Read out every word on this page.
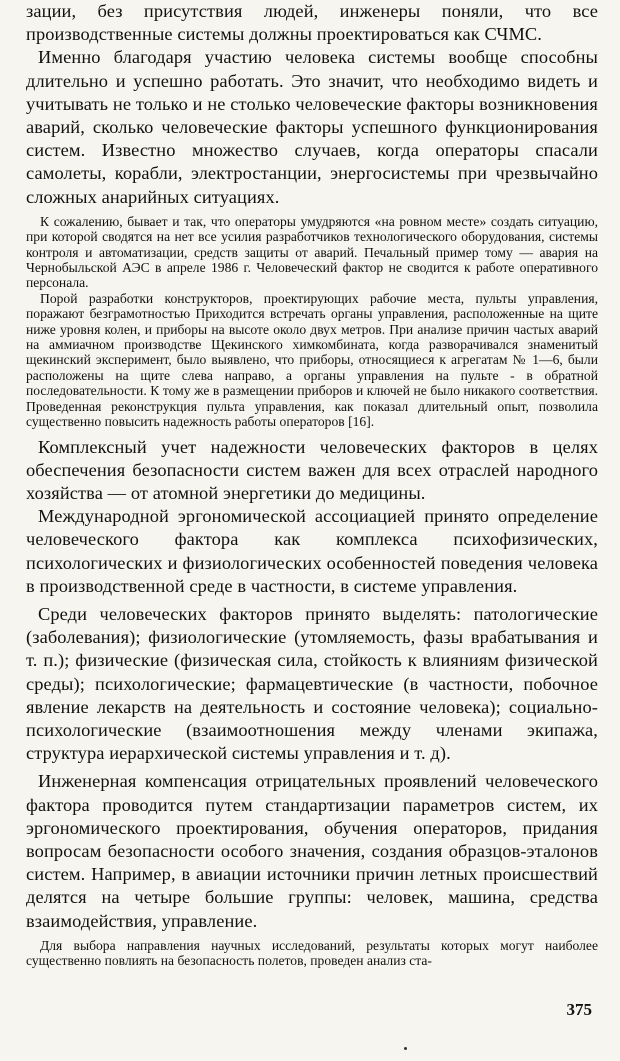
зации, без присутствия людей, инженеры поняли, что все производственные системы должны проектироваться как СЧМС.

Именно благодаря участию человека системы вообще способны длительно и успешно работать. Это значит, что необходимо видеть и учитывать не только и не столько человеческие факторы возникновения аварий, сколько человеческие факторы успешного функционирования систем. Известно множество случаев, когда операторы спасали самолеты, корабли, электростанции, энергосистемы при чрезвычайно сложных анарийных ситуациях.

К сожалению, бывает и так, что операторы умудряются «на ровном месте» создать ситуацию, при которой сводятся на нет все усилия разработчиков технологического оборудования, системы контроля и автоматизации, средств защиты от аварий. Печальный пример тому — авария на Чернобыльской АЭС в апреле 1986 г. Человеческий фактор не сводится к работе оперативного персонала.

Порой разработки конструкторов, проектирующих рабочие места, пульты управления, поражают безграмотностью Приходится встречать органы управления, расположенные на щите ниже уровня колен, и приборы на высоте около двух метров. При анализе причин частых аварий на аммиачном производстве Щекинского химкомбината, когда разворачивался знаменитый щекинский эксперимент, было выявлено, что приборы, относящиеся к агрегатам № 1—6, были расположены на щите слева направо, а органы управления на пульте - в обратной последовательности. К тому же в размещении приборов и ключей не было никакого соответствия. Проведенная реконструкция пульта управления, как показал длительный опыт, позволила существенно повысить надежность работы операторов [16].

Комплексный учет надежности человеческих факторов в целях обеспечения безопасности систем важен для всех отраслей народного хозяйства — от атомной энергетики до медицины.

Международной эргономической ассоциацией принято определение человеческого фактора как комплекса психофизических, психологических и физиологических особенностей поведения человека в производственной среде в частности, в системе управления.

Среди человеческих факторов принято выделять: патологические (заболевания); физиологические (утомляемость, фазы врабатывания и т. п.); физические (физическая сила, стойкость к влияниям физической среды); психологические; фармацевтические (в частности, побочное явление лекарств на деятельность и состояние человека); социально-психологические (взаимоотношения между членами экипажа, структура иерархической системы управления и т. д).

Инженерная компенсация отрицательных проявлений человеческого фактора проводится путем стандартизации параметров систем, их эргономического проектирования, обучения операторов, придания вопросам безопасности особого значения, создания образцов-эталонов систем. Например, в авиации источники причин летных происшествий делятся на четыре большие группы: человек, машина, средства взаимодействия, управление.

Для выбора направления научных исследований, результаты которых могут наиболее существенно повлиять на безопасность полетов, проведен анализ ста-

375
